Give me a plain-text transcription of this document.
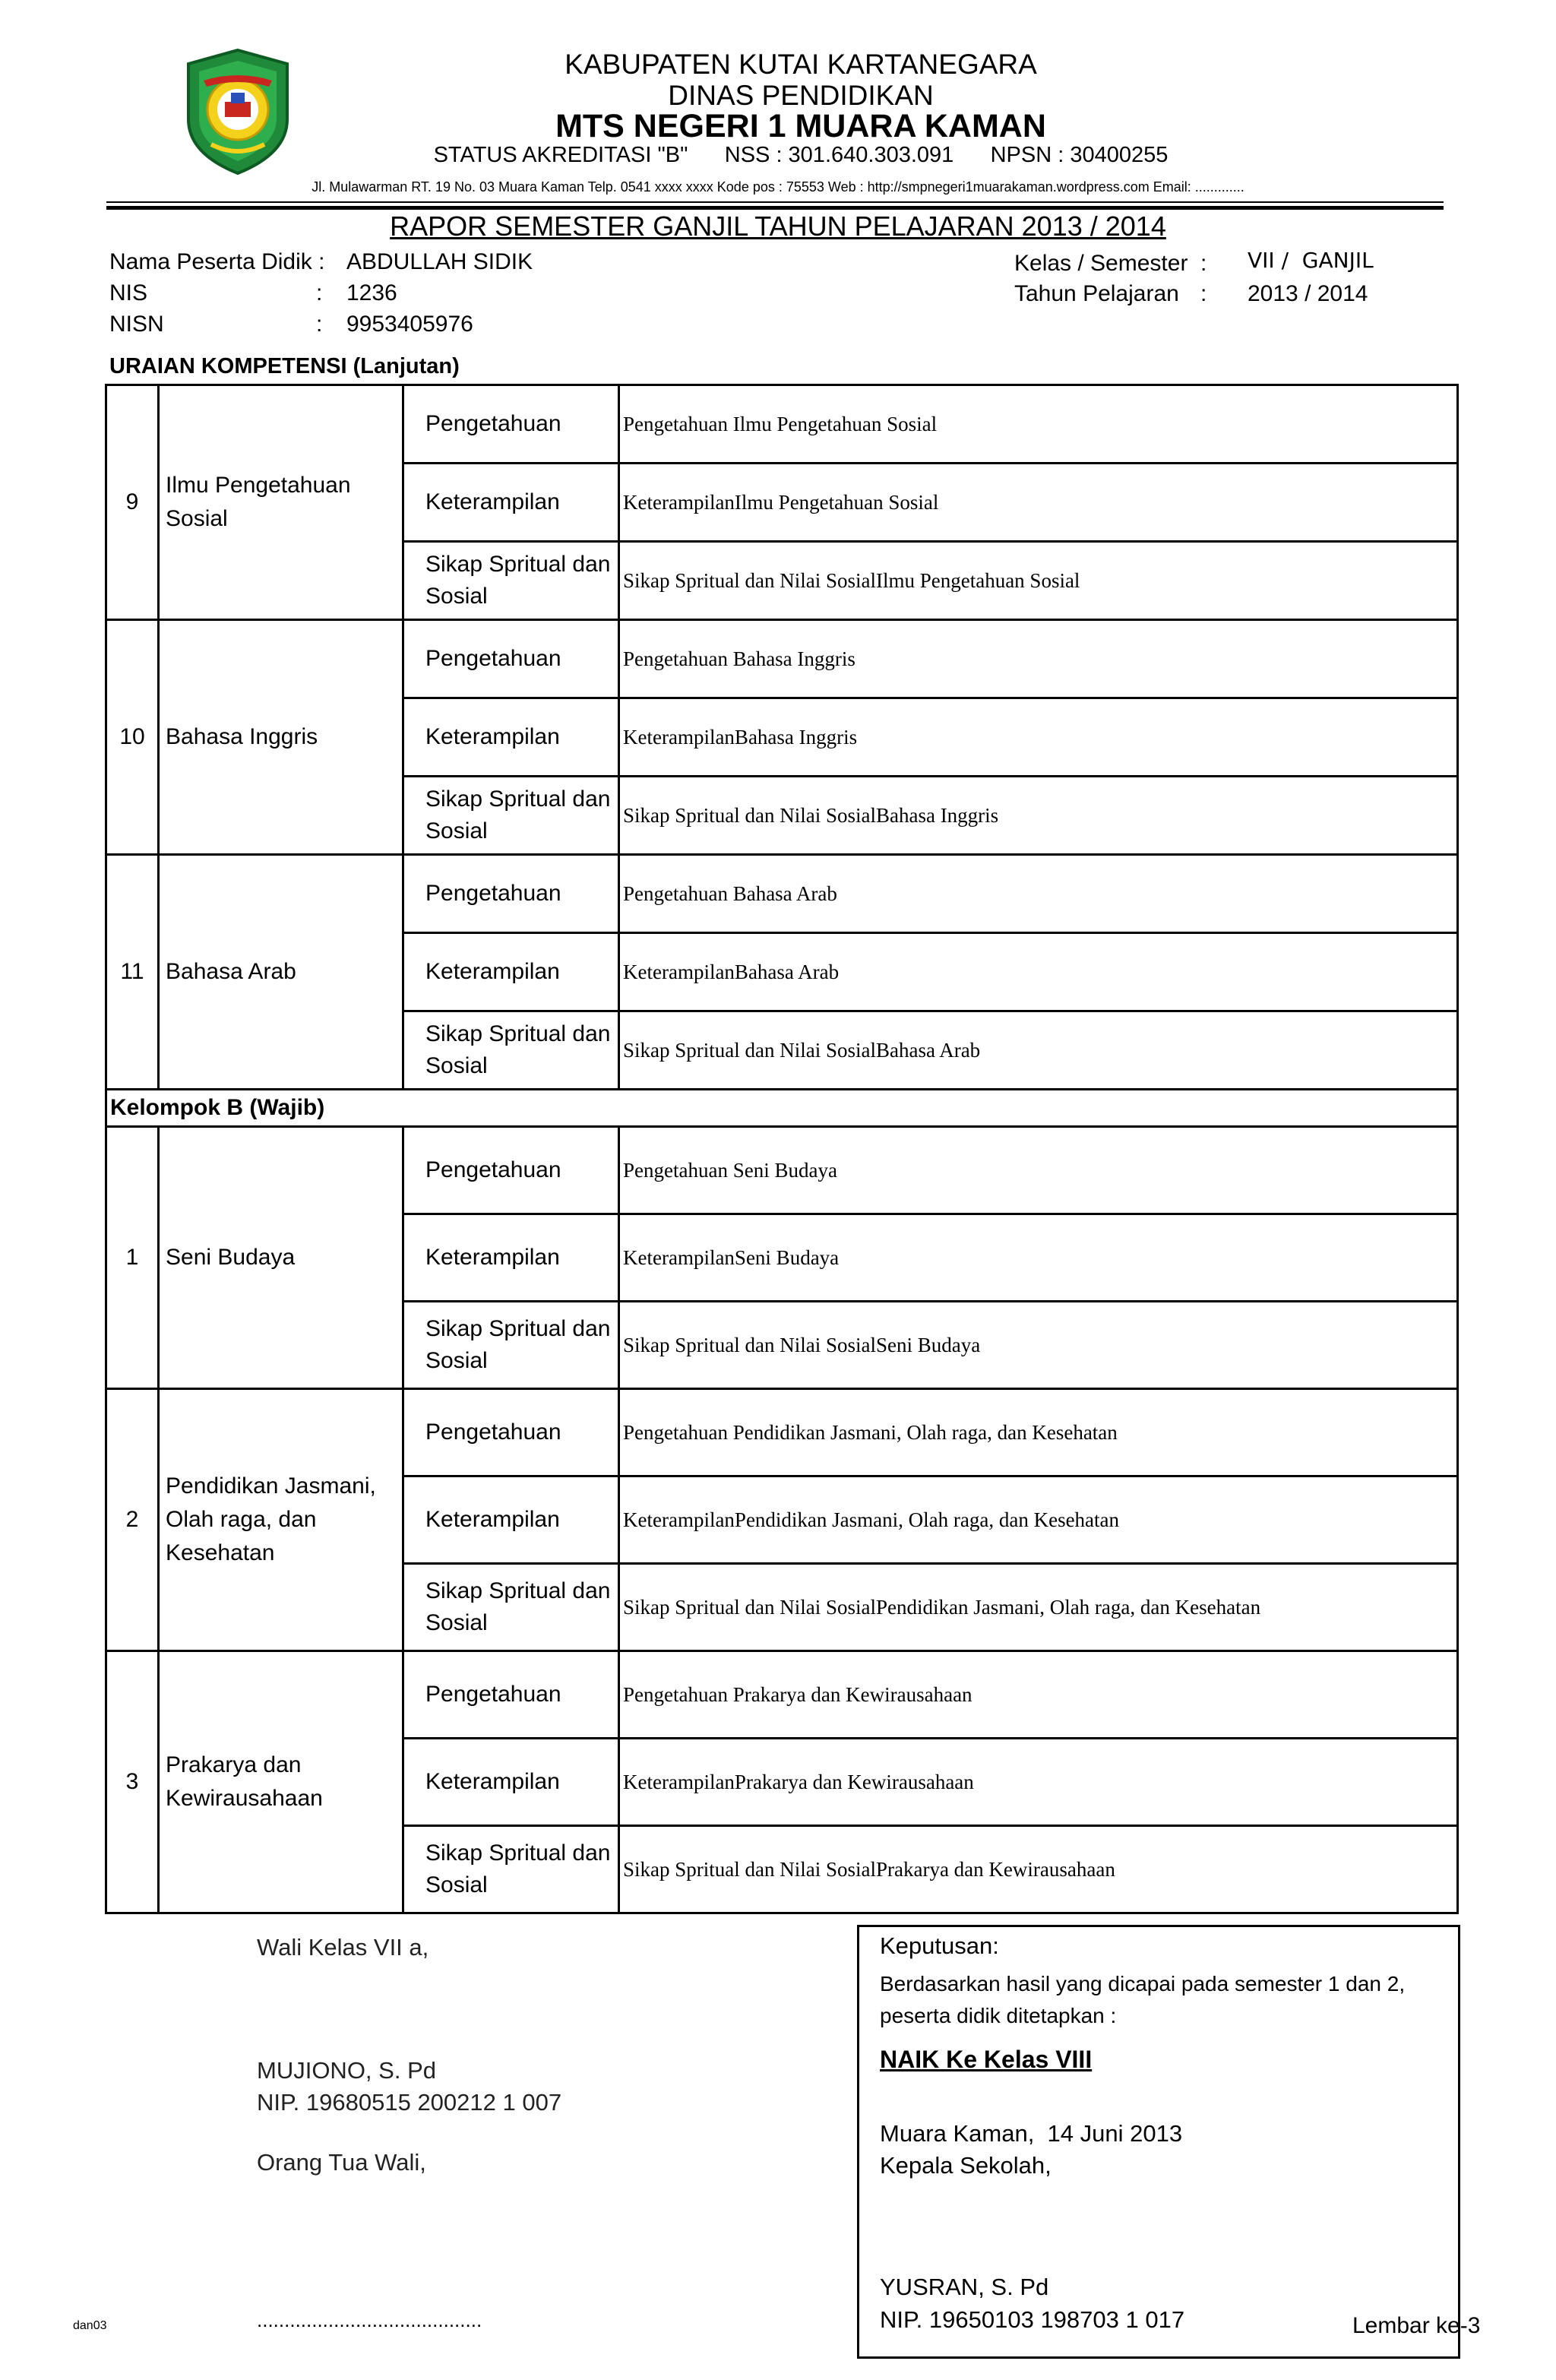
KABUPATEN KUTAI KARTANEGARA
DINAS PENDIDIKAN
MTS NEGERI 1 MUARA KAMAN
STATUS AKREDITASI "B"      NSS : 301.640.303.091      NPSN : 30400255
Jl. Mulawarman RT. 19 No. 03 Muara Kaman Telp. 0541 xxxx xxxx Kode pos : 75553 Web : http://smpnegeri1muarakaman.wordpress.com Email: .............
RAPOR SEMESTER GANJIL TAHUN PELAJARAN 2013 / 2014
Nama Peserta Didik : ABDULLAH SIDIK
NIS	: 1236
NISN	: 9953405976
Kelas / Semester : VII /  GANJIL
Tahun Pelajaran : 2013 / 2014
URAIAN KOMPETENSI (Lanjutan)
9	Ilmu Pengetahuan Sosial	Pengetahuan	Pengetahuan Ilmu Pengetahuan Sosial
		Keterampilan	KeterampilanIlmu Pengetahuan Sosial
		Sikap Spritual dan Sosial	Sikap Spritual dan Nilai SosialIlmu Pengetahuan Sosial
10	Bahasa Inggris	Pengetahuan	Pengetahuan Bahasa Inggris
		Keterampilan	KeterampilanBahasa Inggris
		Sikap Spritual dan Sosial	Sikap Spritual dan Nilai SosialBahasa Inggris
11	Bahasa Arab	Pengetahuan	Pengetahuan Bahasa Arab
		Keterampilan	KeterampilanBahasa Arab
		Sikap Spritual dan Sosial	Sikap Spritual dan Nilai SosialBahasa Arab
Kelompok B (Wajib)			
1	Seni Budaya	Pengetahuan	Pengetahuan Seni Budaya
		Keterampilan	KeterampilanSeni Budaya
		Sikap Spritual dan Sosial	Sikap Spritual dan Nilai SosialSeni Budaya
2	Pendidikan Jasmani, Olah raga, dan Kesehatan	Pengetahuan	Pengetahuan Pendidikan Jasmani, Olah raga, dan Kesehatan
		Keterampilan	KeterampilanPendidikan Jasmani, Olah raga, dan Kesehatan
		Sikap Spritual dan Sosial	Sikap Spritual dan Nilai SosialPendidikan Jasmani, Olah raga, dan Kesehatan
3	Prakarya dan Kewirausahaan	Pengetahuan	Pengetahuan Prakarya dan Kewirausahaan
		Keterampilan	KeterampilanPrakarya dan Kewirausahaan
		Sikap Spritual dan Sosial	Sikap Spritual dan Nilai SosialPrakarya dan Kewirausahaan
Wali Kelas VII a,
MUJIONO, S. Pd
NIP. 19680515 200212 1 007
Orang Tua Wali,
.........................................
dan03
Keputusan:
Berdasarkan hasil yang dicapai pada semester 1 dan 2,
peserta didik ditetapkan :
NAIK Ke Kelas VIII
Muara Kaman,  14 Juni 2013
Kepala Sekolah,
YUSRAN, S. Pd
NIP. 19650103 198703 1 017	Lembar ke-3
